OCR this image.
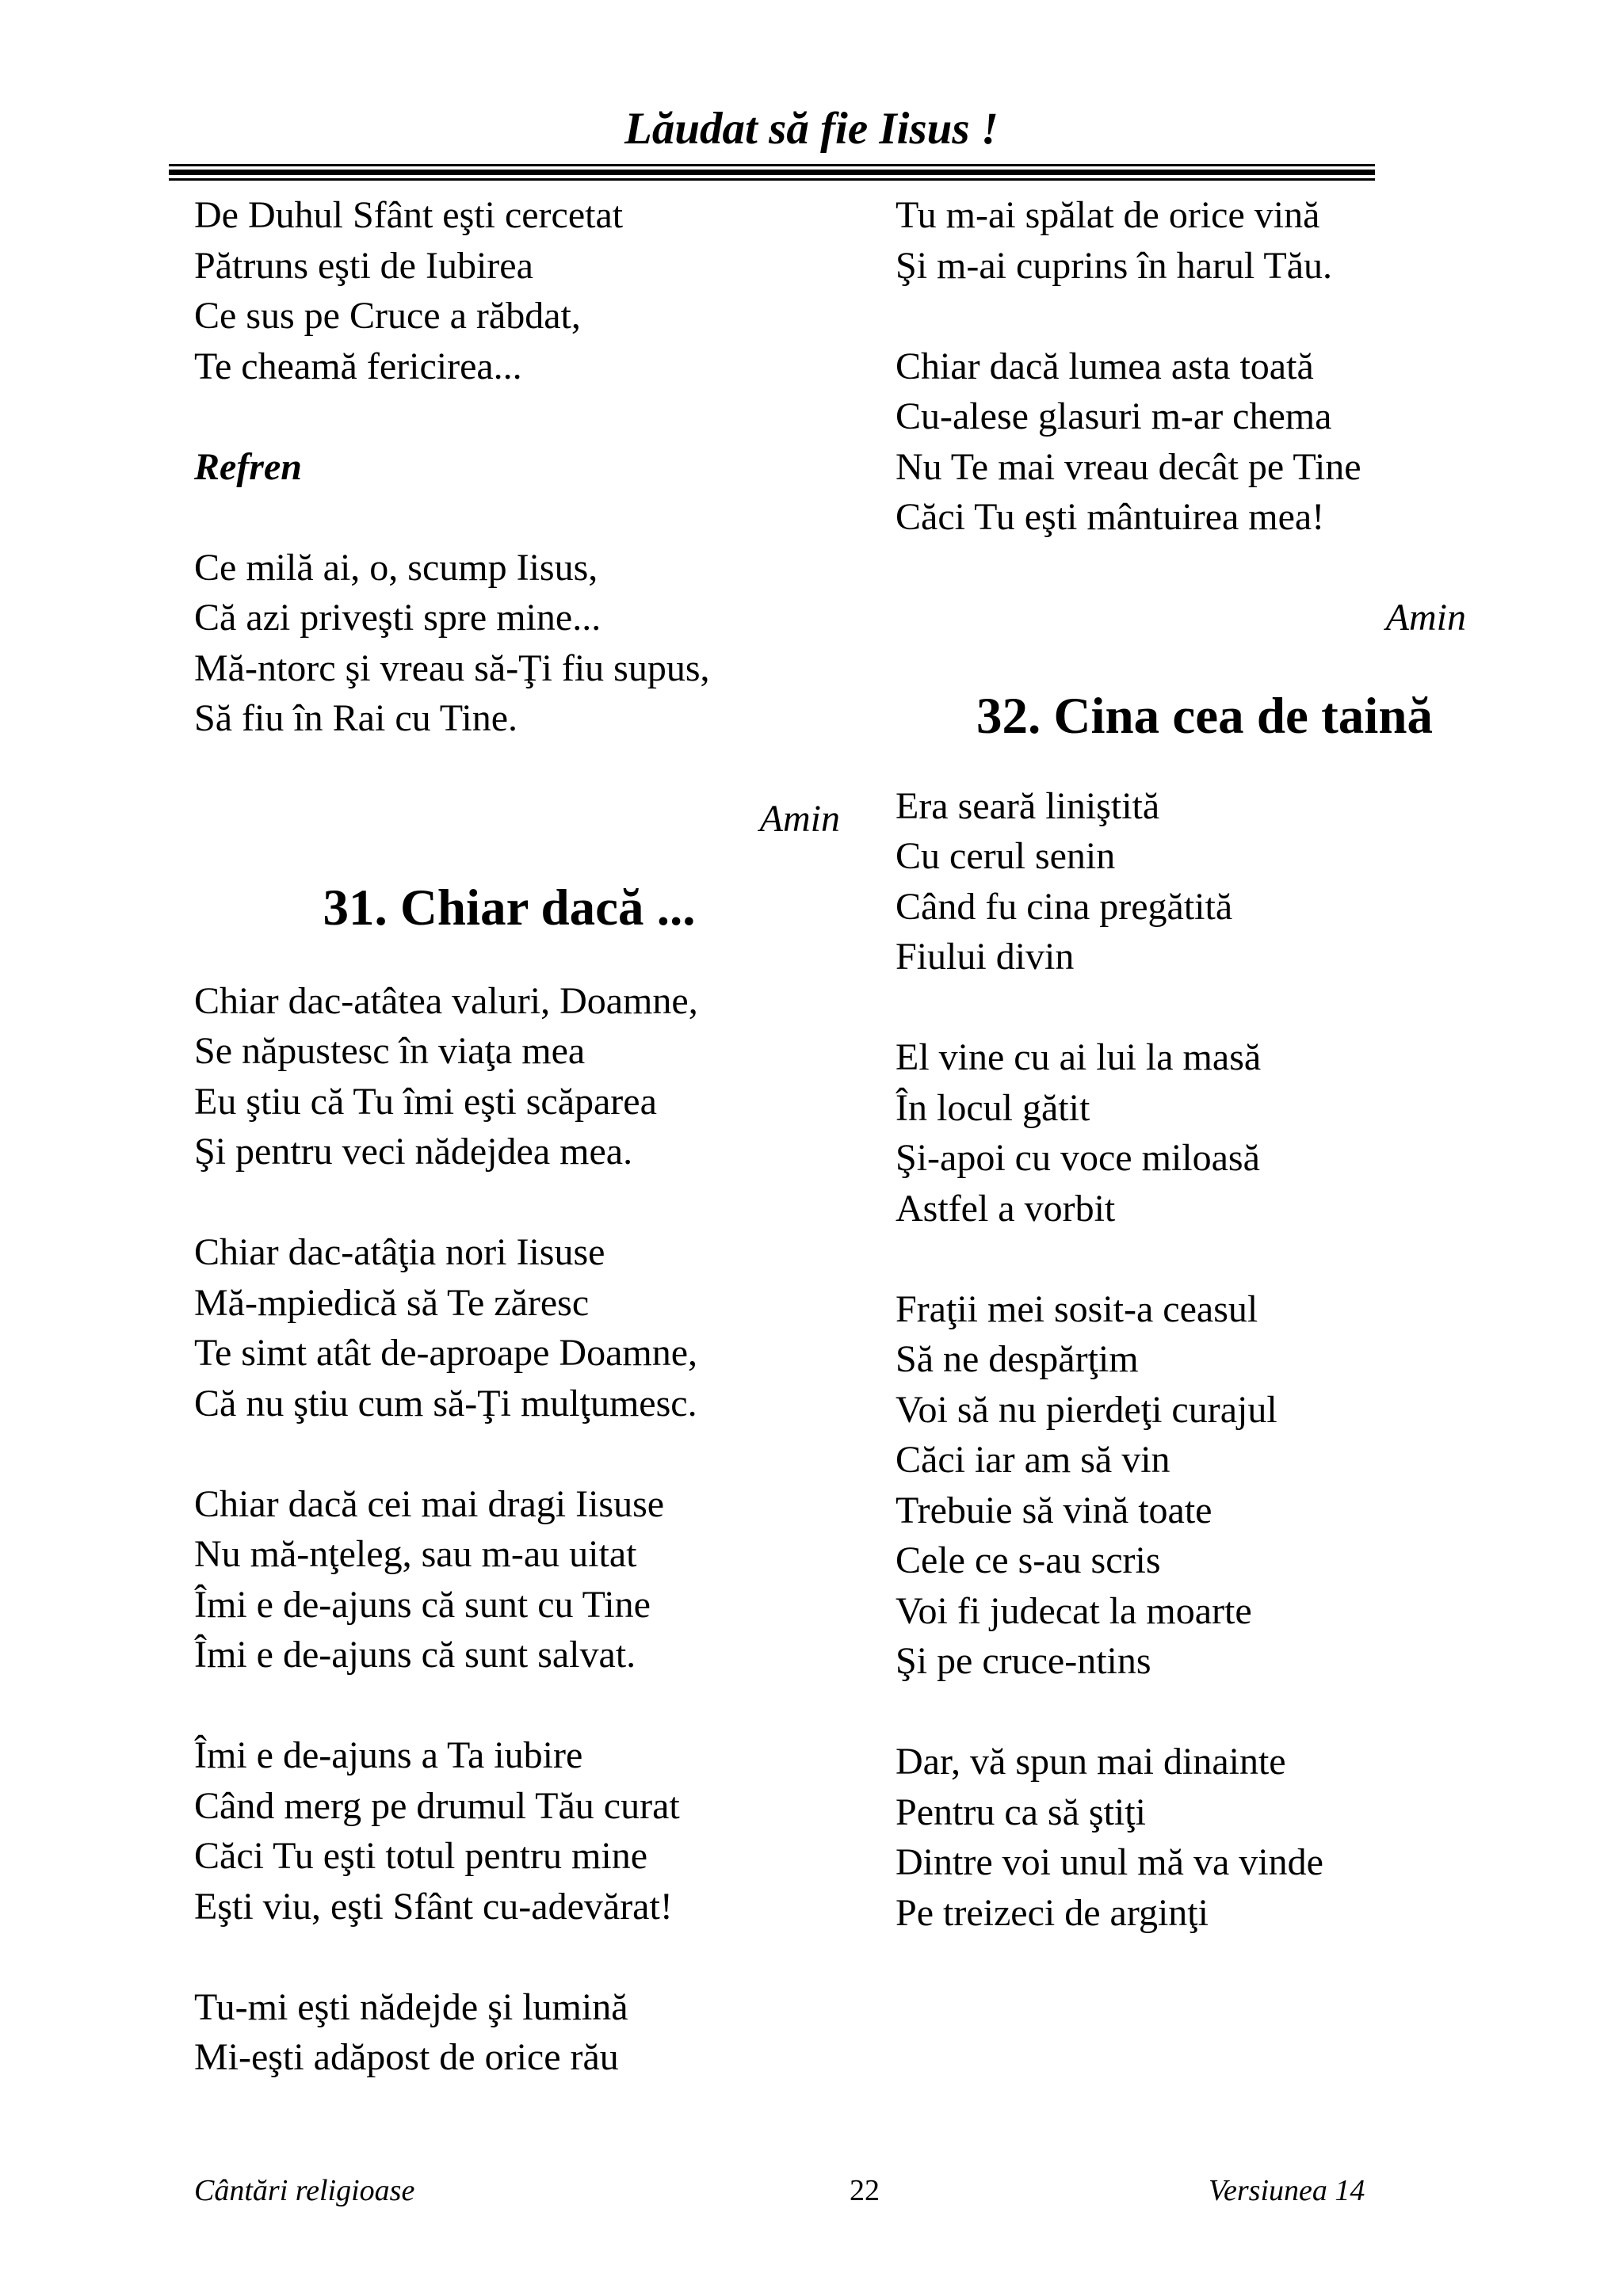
Lăudat să fie Iisus !
De Duhul Sfânt eşti cercetat
Pătruns eşti de Iubirea
Ce sus pe Cruce a răbdat,
Te cheamă fericirea...
Refren
Ce milă ai, o, scump Iisus,
Că azi priveşti spre mine...
Mă-ntorc şi vreau să-Ţi fiu supus,
Să fiu în Rai cu Tine.
Amin
31. Chiar dacă ...
Chiar dac-atâtea valuri, Doamne,
Se năpustesc în viaţa mea
Eu ştiu că Tu îmi eşti scăparea
Şi pentru veci nădejdea mea.
Chiar dac-atâţia nori Iisuse
Mă-mpiedică să Te zăresc
Te simt atât de-aproape Doamne,
Că nu ştiu cum să-Ţi mulţumesc.
Chiar dacă cei mai dragi Iisuse
Nu mă-nţeleg, sau m-au uitat
Îmi e de-ajuns că sunt cu Tine
Îmi e de-ajuns că sunt salvat.
Îmi e de-ajuns a Ta iubire
Când merg pe drumul Tău curat
Căci Tu eşti totul pentru mine
Eşti viu, eşti Sfânt cu-adevărat!
Tu-mi eşti nădejde şi lumină
Mi-eşti adăpost de orice rău
Tu m-ai spălat de orice vină
Şi m-ai cuprins în harul Tău.
Chiar dacă lumea asta toată
Cu-alese glasuri m-ar chema
Nu Te mai vreau decât pe Tine
Căci Tu eşti mântuirea mea!
Amin
32. Cina cea de taină
Era seară liniştită
Cu cerul senin
Când fu cina pregătită
Fiului divin
El vine cu ai lui la masă
În locul gătit
Şi-apoi cu voce miloasă
Astfel a vorbit
Fraţii mei sosit-a ceasul
Să ne despărţim
Voi să nu pierdeţi curajul
Căci iar am să vin
Trebuie să vină toate
Cele ce s-au scris
Voi fi judecat la moarte
Şi pe cruce-ntins
Dar, vă spun mai dinainte
Pentru ca să ştiţi
Dintre voi unul mă va vinde
Pe treizeci de arginţi
Cântări religioase	22	Versiunea 14
